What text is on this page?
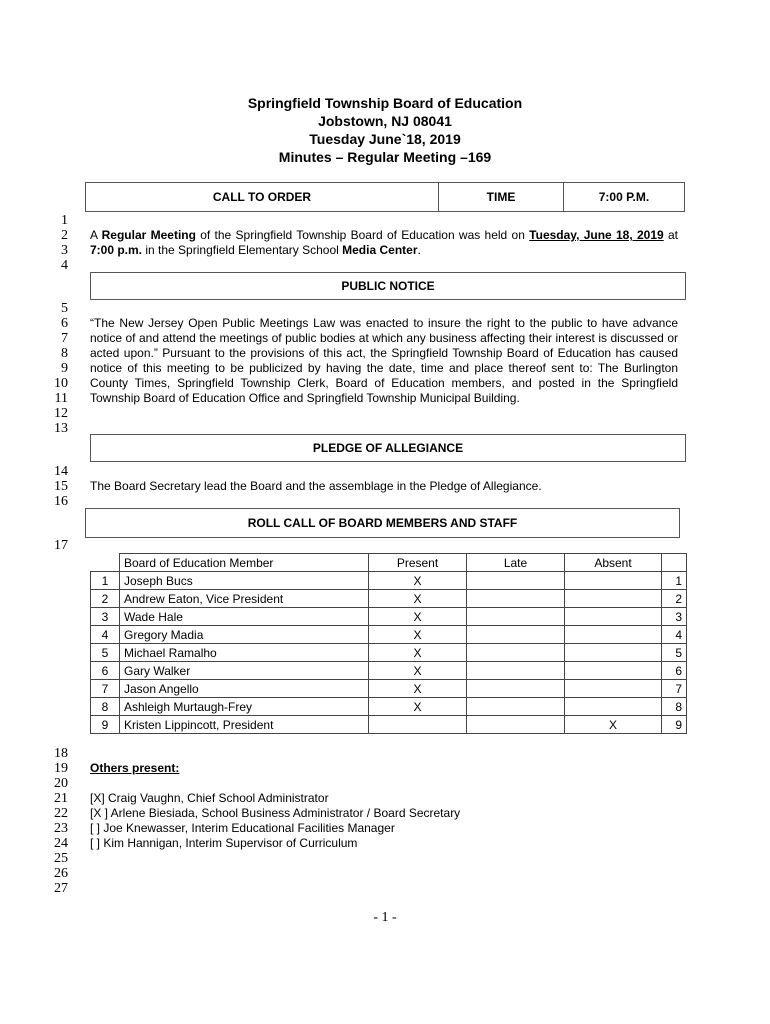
Springfield Township Board of Education
Jobstown, NJ 08041
Tuesday June`18, 2019
Minutes – Regular Meeting –169
CALL TO ORDER	TIME	7:00 P.M.
1
2
3
4
5
6
7
8
9
10
11
12
13
14
15
16
17
18
19
20
21
22
23
24
25
26
27
A Regular Meeting of the Springfield Township Board of Education was held on Tuesday, June 18, 2019 at 7:00 p.m. in the Springfield Elementary School Media Center.
PUBLIC NOTICE
“The New Jersey Open Public Meetings Law was enacted to insure the right to the public to have advance notice of and attend the meetings of public bodies at which any business affecting their interest is discussed or acted upon.” Pursuant to the provisions of this act, the Springfield Township Board of Education has caused notice of this meeting to be publicized by having the date, time and place thereof sent to: The Burlington County Times, Springfield Township Clerk, Board of Education members, and posted in the Springfield Township Board of Education Office and Springfield Township Municipal Building.
PLEDGE OF ALLEGIANCE
The Board Secretary lead the Board and the assemblage in the Pledge of Allegiance.
ROLL CALL OF BOARD MEMBERS AND STAFF
	Board of Education Member	Present	Late	Absent	
1	Joseph Bucs	X			1
2	Andrew Eaton, Vice President	X			2
3	Wade Hale	X			3
4	Gregory Madia	X			4
5	Michael Ramalho	X			5
6	Gary Walker	X			6
7	Jason Angello	X			7
8	Ashleigh Murtaugh-Frey	X			8
9	Kristen Lippincott, President			X	9
Others present:
[X] Craig Vaughn, Chief School Administrator
[X ] Arlene Biesiada, School Business Administrator / Board Secretary
[ ] Joe Knewasser, Interim Educational Facilities Manager
[ ] Kim Hannigan, Interim Supervisor of Curriculum
- 1 -
